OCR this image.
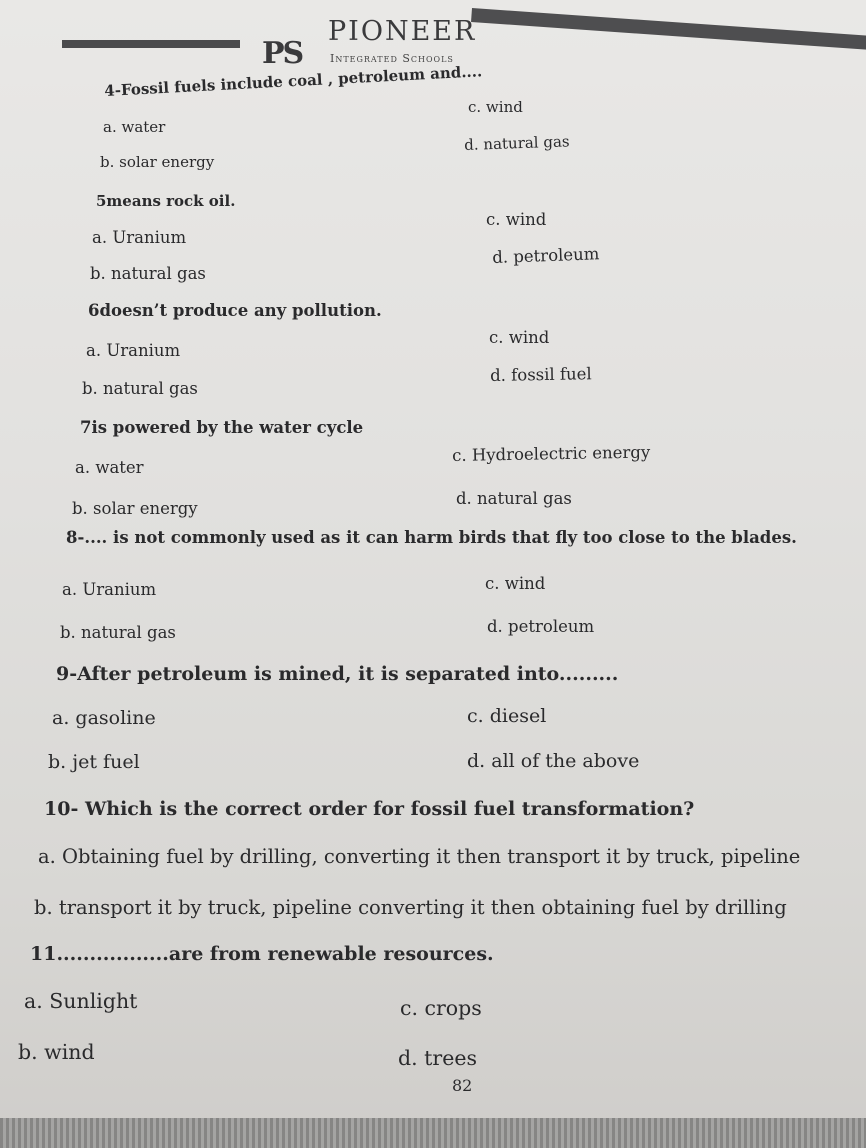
PS
PIONEER
Integrated Schools
4-Fossil fuels include coal , petroleum and....
a. water
b. solar energy
c. wind
d. natural gas
5means rock oil.
a. Uranium
b. natural gas
c. wind
d. petroleum
6doesn’t produce any pollution.
a. Uranium
b. natural gas
c. wind
d. fossil fuel
7is powered by the water cycle
a. water
b. solar energy
c. Hydroelectric energy
d. natural gas
8-.... is not commonly used as it can harm birds that fly too close to the blades.
a. Uranium
b. natural gas
c. wind
d. petroleum
9-After petroleum is mined, it is separated into.........
a. gasoline
b. jet fuel
c. diesel
d. all of the above
10- Which is the correct order for fossil fuel transformation?
a. Obtaining fuel by drilling, converting it then transport it by truck, pipeline
b. transport it by truck, pipeline converting it then obtaining fuel by drilling
11.................are from renewable resources.
a. Sunlight
b. wind
c. crops
d. trees
82
